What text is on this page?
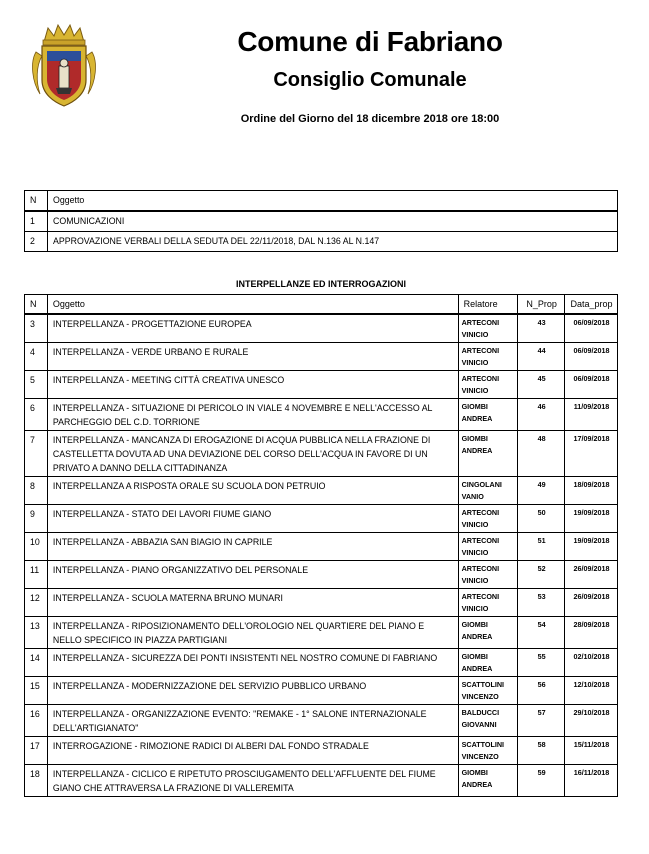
Comune di Fabriano
Consiglio Comunale
Ordine del Giorno del 18 dicembre 2018 ore 18:00
N	Oggetto
1	COMUNICAZIONI
2	APPROVAZIONE VERBALI DELLA SEDUTA DEL 22/11/2018, DAL N.136 AL N.147
INTERPELLANZE ED INTERROGAZIONI
N	Oggetto	Relatore	N_Prop	Data_prop
3	INTERPELLANZA - PROGETTAZIONE EUROPEA	ARTECONI VINICIO	43	06/09/2018
4	INTERPELLANZA - VERDE URBANO E RURALE	ARTECONI VINICIO	44	06/09/2018
5	INTERPELLANZA - MEETING CITTÀ CREATIVA UNESCO	ARTECONI VINICIO	45	06/09/2018
6	INTERPELLANZA - SITUAZIONE DI PERICOLO IN VIALE 4 NOVEMBRE E NELL'ACCESSO AL PARCHEGGIO DEL C.D. TORRIONE	GIOMBI ANDREA	46	11/09/2018
7	INTERPELLANZA - MANCANZA DI EROGAZIONE DI ACQUA PUBBLICA NELLA FRAZIONE DI CASTELLETTA DOVUTA AD UNA DEVIAZIONE DEL CORSO DELL'ACQUA IN FAVORE DI UN PRIVATO A DANNO DELLA CITTADINANZA	GIOMBI ANDREA	48	17/09/2018
8	INTERPELLANZA A RISPOSTA ORALE SU SCUOLA DON PETRUIO	CINGOLANI VANIO	49	18/09/2018
9	INTERPELLANZA - STATO DEI LAVORI FIUME GIANO	ARTECONI VINICIO	50	19/09/2018
10	INTERPELLANZA - ABBAZIA SAN BIAGIO IN CAPRILE	ARTECONI VINICIO	51	19/09/2018
11	INTERPELLANZA - PIANO ORGANIZZATIVO DEL PERSONALE	ARTECONI VINICIO	52	26/09/2018
12	INTERPELLANZA - SCUOLA MATERNA BRUNO MUNARI	ARTECONI VINICIO	53	26/09/2018
13	INTERPELLANZA - RIPOSIZIONAMENTO DELL'OROLOGIO NEL QUARTIERE DEL PIANO E NELLO SPECIFICO IN PIAZZA PARTIGIANI	GIOMBI ANDREA	54	28/09/2018
14	INTERPELLANZA - SICUREZZA DEI PONTI INSISTENTI NEL NOSTRO COMUNE DI FABRIANO	GIOMBI ANDREA	55	02/10/2018
15	INTERPELLANZA - MODERNIZZAZIONE DEL SERVIZIO PUBBLICO URBANO	SCATTOLINI VINCENZO	56	12/10/2018
16	INTERPELLANZA - ORGANIZZAZIONE EVENTO: "REMAKE - 1° SALONE INTERNAZIONALE DELL'ARTIGIANATO"	BALDUCCI GIOVANNI	57	29/10/2018
17	INTERROGAZIONE - RIMOZIONE RADICI DI ALBERI DAL FONDO STRADALE	SCATTOLINI VINCENZO	58	15/11/2018
18	INTERPELLANZA - CICLICO E RIPETUTO PROSCIUGAMENTO DELL'AFFLUENTE DEL FIUME GIANO CHE ATTRAVERSA LA FRAZIONE DI VALLEREMITA	GIOMBI ANDREA	59	16/11/2018
